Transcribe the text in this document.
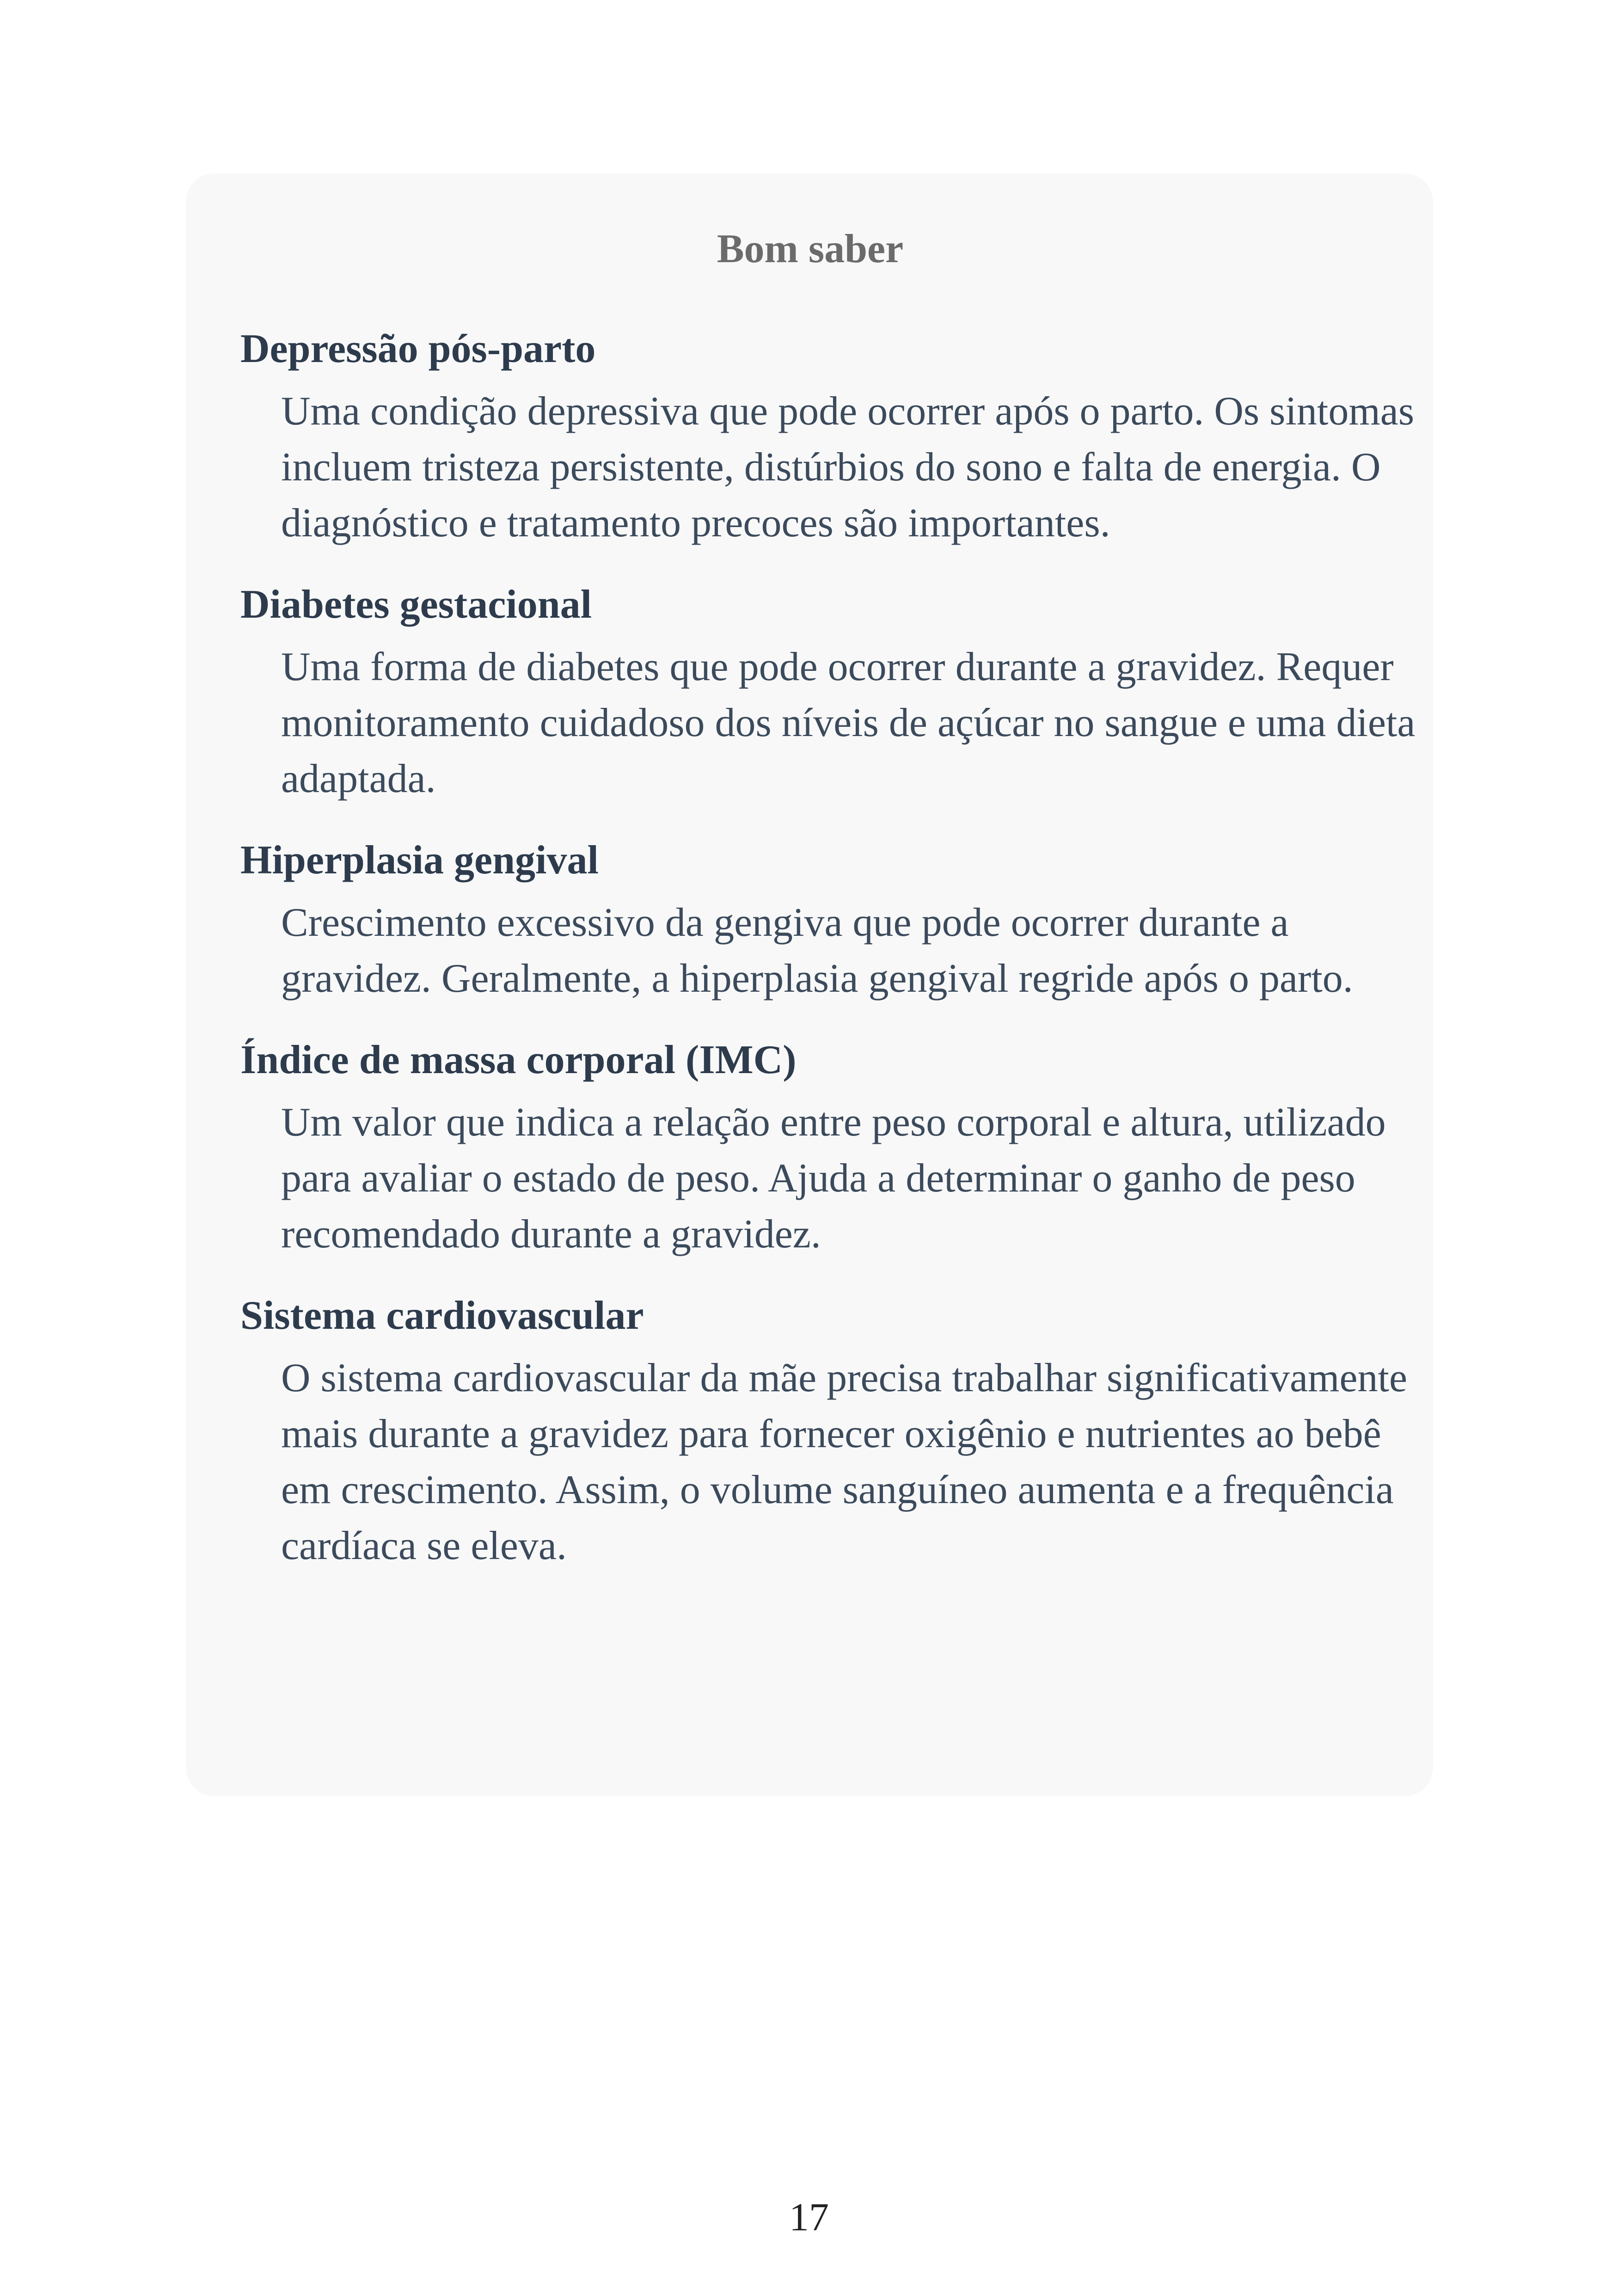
Bom saber
Depressão pós-parto

Uma condição depressiva que pode ocorrer após o parto. Os sintomas incluem tristeza persistente, distúrbios do sono e falta de energia. O diagnóstico e tratamento precoces são importantes.

Diabetes gestacional

Uma forma de diabetes que pode ocorrer durante a gravidez. Requer monitoramento cuidadoso dos níveis de açúcar no sangue e uma dieta adaptada.

Hiperplasia gengival

Crescimento excessivo da gengiva que pode ocorrer durante a gravidez. Geralmente, a hiperplasia gengival regride após o parto.

Índice de massa corporal (IMC)

Um valor que indica a relação entre peso corporal e altura, utilizado para avaliar o estado de peso. Ajuda a determinar o ganho de peso recomendado durante a gravidez.

Sistema cardiovascular

O sistema cardiovascular da mãe precisa trabalhar significativamente mais durante a gravidez para fornecer oxigênio e nutrientes ao bebê em crescimento. Assim, o volume sanguíneo aumenta e a frequência cardíaca se eleva.

17
